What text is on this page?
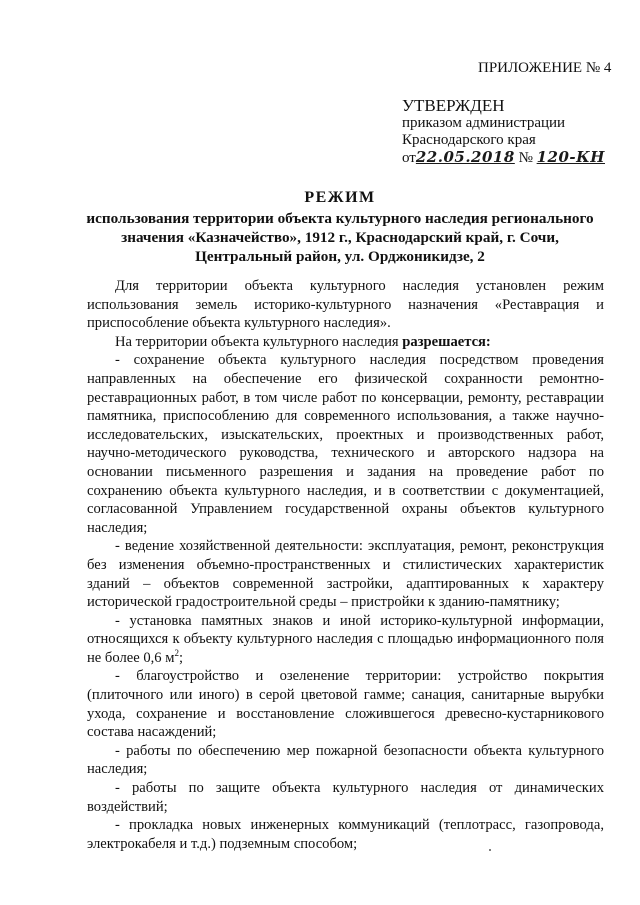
ПРИЛОЖЕНИЕ № 4
УТВЕРЖДЕН
приказом администрации
Краснодарского края
от22.05.2018 № 120-КН
РЕЖИМ
использования территории объекта культурного наследия регионального
значения «Казначейство», 1912 г., Краснодарский край, г. Сочи,
Центральный район, ул. Орджоникидзе, 2

Для территории объекта культурного наследия установлен режим использования земель историко-культурного назначения «Реставрация и приспособление объекта культурного наследия».

На территории объекта культурного наследия разрешается:

- сохранение объекта культурного наследия посредством проведения направленных на обеспечение его физической сохранности ремонтно-реставрационных работ, в том числе работ по консервации, ремонту, реставрации памятника, приспособлению для современного использования, а также научно-исследовательских, изыскательских, проектных и производственных работ, научно-методического руководства, технического и авторского надзора на основании письменного разрешения и задания на проведение работ по сохранению объекта культурного наследия, и в соответствии с документацией, согласованной Управлением государственной охраны объектов культурного наследия;

- ведение хозяйственной деятельности: эксплуатация, ремонт, реконструкция без изменения объемно-пространственных и стилистических характеристик зданий – объектов современной застройки, адаптированных к характеру исторической градостроительной среды – пристройки к зданию-памятнику;

- установка памятных знаков и иной историко-культурной информации, относящихся к объекту культурного наследия с площадью информационного поля не более 0,6 $м^2$;

- благоустройство и озеленение территории: устройство покрытия (плиточного или иного) в серой цветовой гамме; санация, санитарные вырубки ухода, сохранение и восстановление сложившегося древесно-кустарникового состава насаждений;

- работы по обеспечению мер пожарной безопасности объекта культурного наследия;

- работы по защите объекта культурного наследия от динамических воздействий;

- прокладка новых инженерных коммуникаций (теплотрасс, газопровода, электрокабеля и т.д.) подземным способом;
